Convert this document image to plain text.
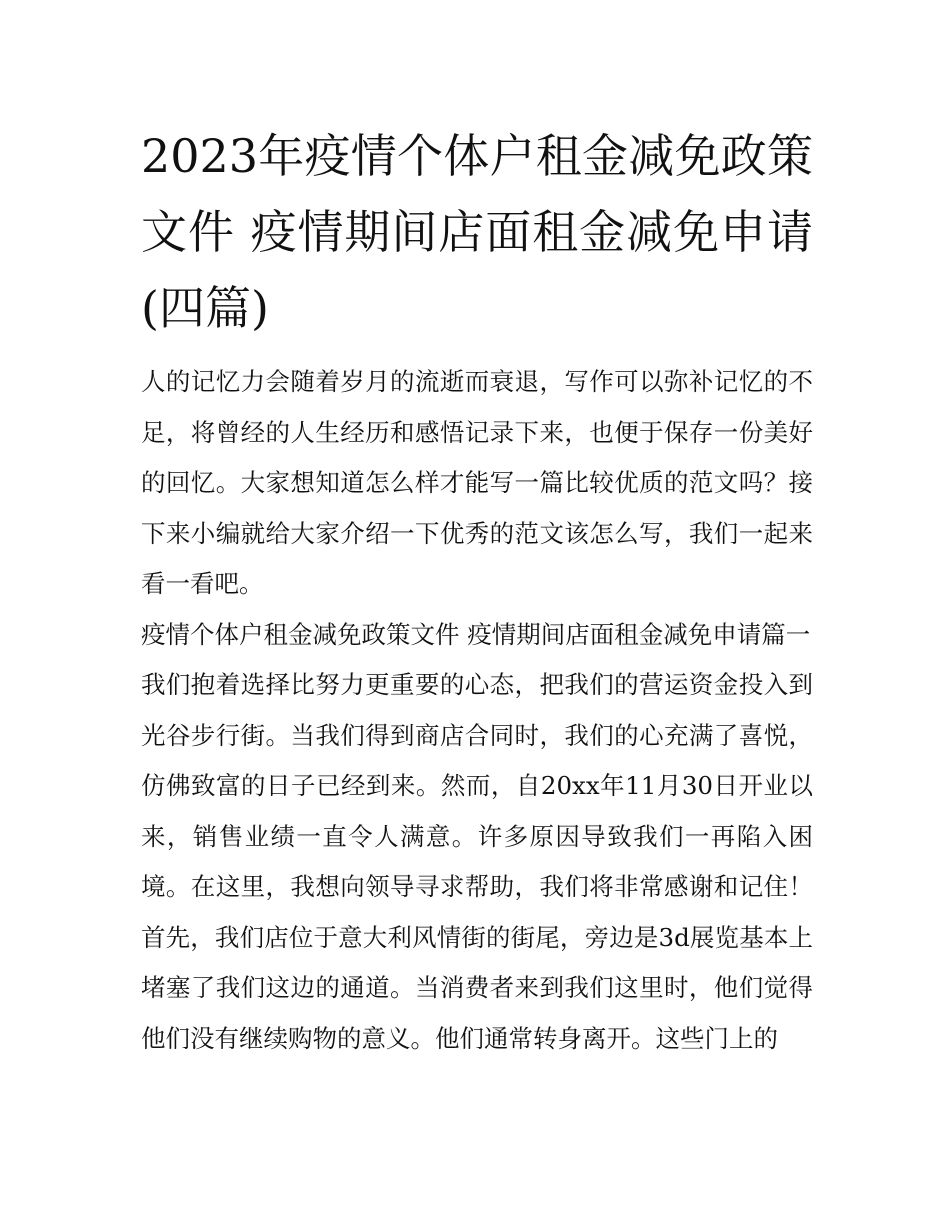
2023年疫情个体户租金减免政策文件 疫情期间店面租金减免申请(四篇)

人的记忆力会随着岁月的流逝而衰退，写作可以弥补记忆的不足，将曾经的人生经历和感悟记录下来，也便于保存一份美好的回忆。大家想知道怎么样才能写一篇比较优质的范文吗？接下来小编就给大家介绍一下优秀的范文该怎么写，我们一起来看一看吧。

疫情个体户租金减免政策文件 疫情期间店面租金减免申请篇一

我们抱着选择比努力更重要的心态，把我们的营运资金投入到光谷步行街。当我们得到商店合同时，我们的心充满了喜悦，仿佛致富的日子已经到来。然而，自20xx年11月30日开业以来，销售业绩一直令人满意。许多原因导致我们一再陷入困境。在这里，我想向领导寻求帮助，我们将非常感谢和记住！首先，我们店位于意大利风情街的街尾，旁边是3d展览基本上堵塞了我们这边的通道。当消费者来到我们这里时，他们觉得他们没有继续购物的意义。他们通常转身离开。这些门上的
